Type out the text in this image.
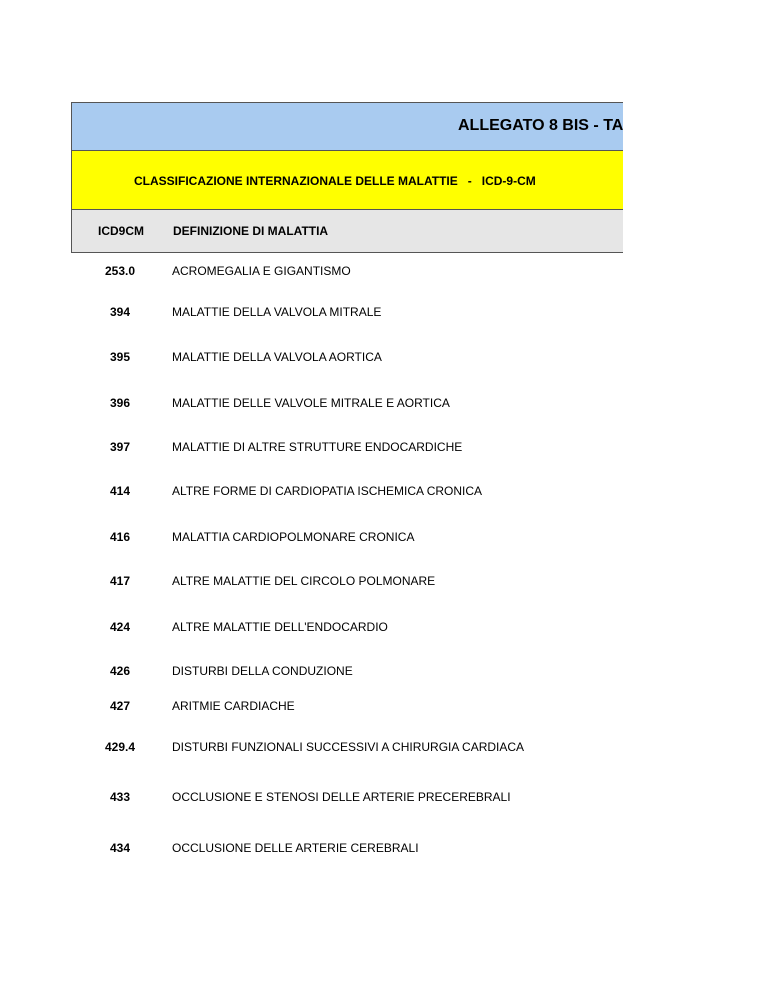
ALLEGATO 8 BIS - TA
CLASSIFICAZIONE INTERNAZIONALE DELLE MALATTIE   -   ICD-9-CM
ICD9CM	DEFINIZIONE DI MALATTIA
253.0	ACROMEGALIA E GIGANTISMO
394	MALATTIE DELLA VALVOLA MITRALE
395	MALATTIE DELLA VALVOLA AORTICA
396	MALATTIE DELLE VALVOLE MITRALE E AORTICA
397	MALATTIE DI ALTRE STRUTTURE ENDOCARDICHE
414	ALTRE FORME DI CARDIOPATIA ISCHEMICA CRONICA
416	MALATTIA CARDIOPOLMONARE CRONICA
417	ALTRE MALATTIE DEL CIRCOLO POLMONARE
424	ALTRE MALATTIE DELL'ENDOCARDIO
426	DISTURBI DELLA CONDUZIONE
427	ARITMIE CARDIACHE
429.4	DISTURBI FUNZIONALI SUCCESSIVI A CHIRURGIA CARDIACA
433	OCCLUSIONE E STENOSI DELLE ARTERIE PRECEREBRALI
434	OCCLUSIONE DELLE ARTERIE CEREBRALI
